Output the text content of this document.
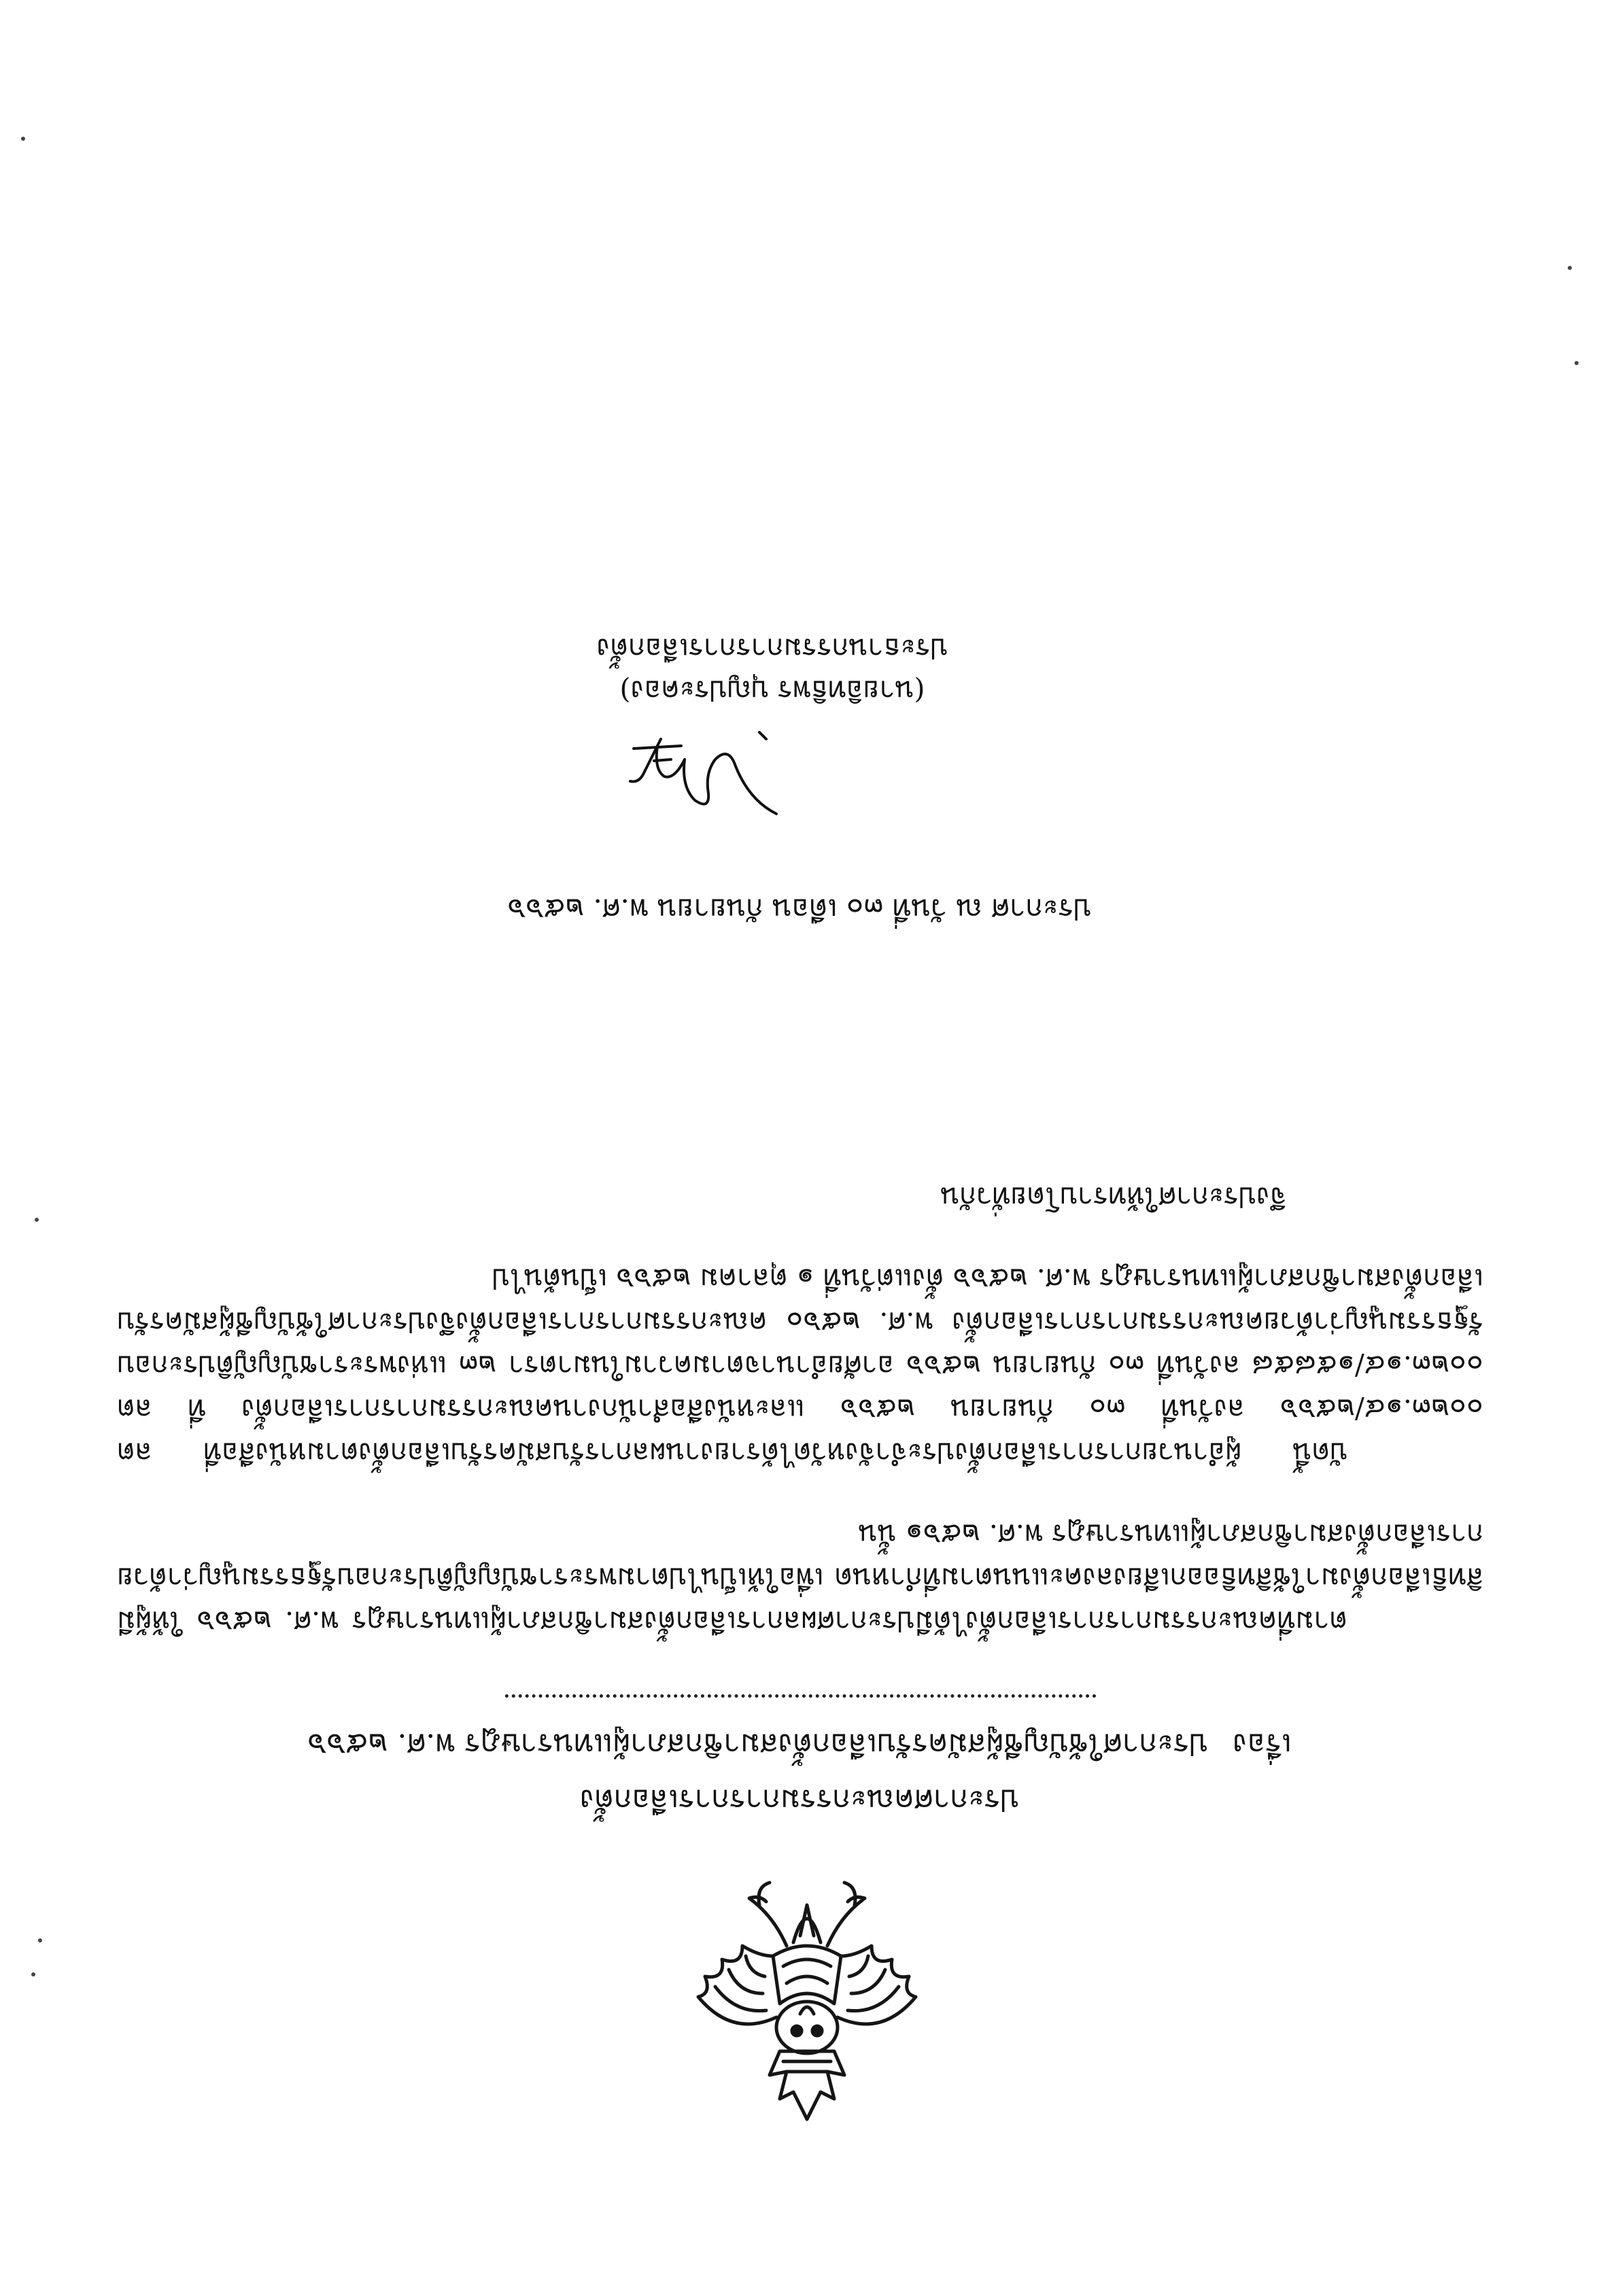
ประกาศคณะกรรมการการเลือกตั้ง

เรื่องประกาศใช้บัญชีผู้สมัครรับเลือกตั้งสมาชิกสภาผู้แทนราษฎร พ.ศ. ๒๕๖๖

ตามที่คณะกรรมการการเลือกตั้งได้มีประกาศผลการเลือกตั้งสมาชิกสภาผู้แทนราษฎร พ.ศ. ๒๕๖๖ ให้ผู้มีสิทธิเลือกตั้งมาใช้สิทธิออกเสียงลงคะแนนตามที่กำหนด เพื่อให้เป็นไปตามพระราชบัญญัติประกอบรัฐธรรมนูญว่าด้วยการเลือกตั้งสมาชิกสภาผู้แทนราษฎร พ.ศ. ๒๕๖๑ นั้น

บัดนี้ ผู้อำนวยการการเลือกตั้งประจำจังหวัดได้รายงานผลการรับสมัครรับเลือกตั้งตามหนังสือที่ ลต ๐๐๒๓.๑๔/๒๕๖๖ ลงวันที่ ๓๐ กันยายน ๒๕๖๖ และหนังสือสำนักงานคณะกรรมการการเลือกตั้ง ที่ ลต ๐๐๒๓.๑๔/๑๕๘๕๘ ลงวันที่ ๓๐ กันยายน ๒๕๖๖ อาศัยอำนาจตามความในมาตรา ๒๓ แห่งพระราชบัญญัติประกอบรัฐธรรมนูญว่าด้วยคณะกรรมการการเลือกตั้ง พ.ศ. ๒๕๖๐ คณะกรรมการการเลือกตั้งจึงประกาศใช้บัญชีผู้สมัครรับเลือกตั้งสมาชิกสภาผู้แทนราษฎร พ.ศ. ๒๕๖๖ ตั้งแต่วันที่ ๑ ตุลาคม ๒๕๖๖ เป็นต้นไป

จึงประกาศให้ทราบโดยทั่วกัน

ประกาศ ณ วันที่ ๓๐ เดือน กันยายน พ.ศ. ๒๕๖๖

(นายอิทธิพร บุญประคอง)

ประธานกรรมการการเลือกตั้ง
